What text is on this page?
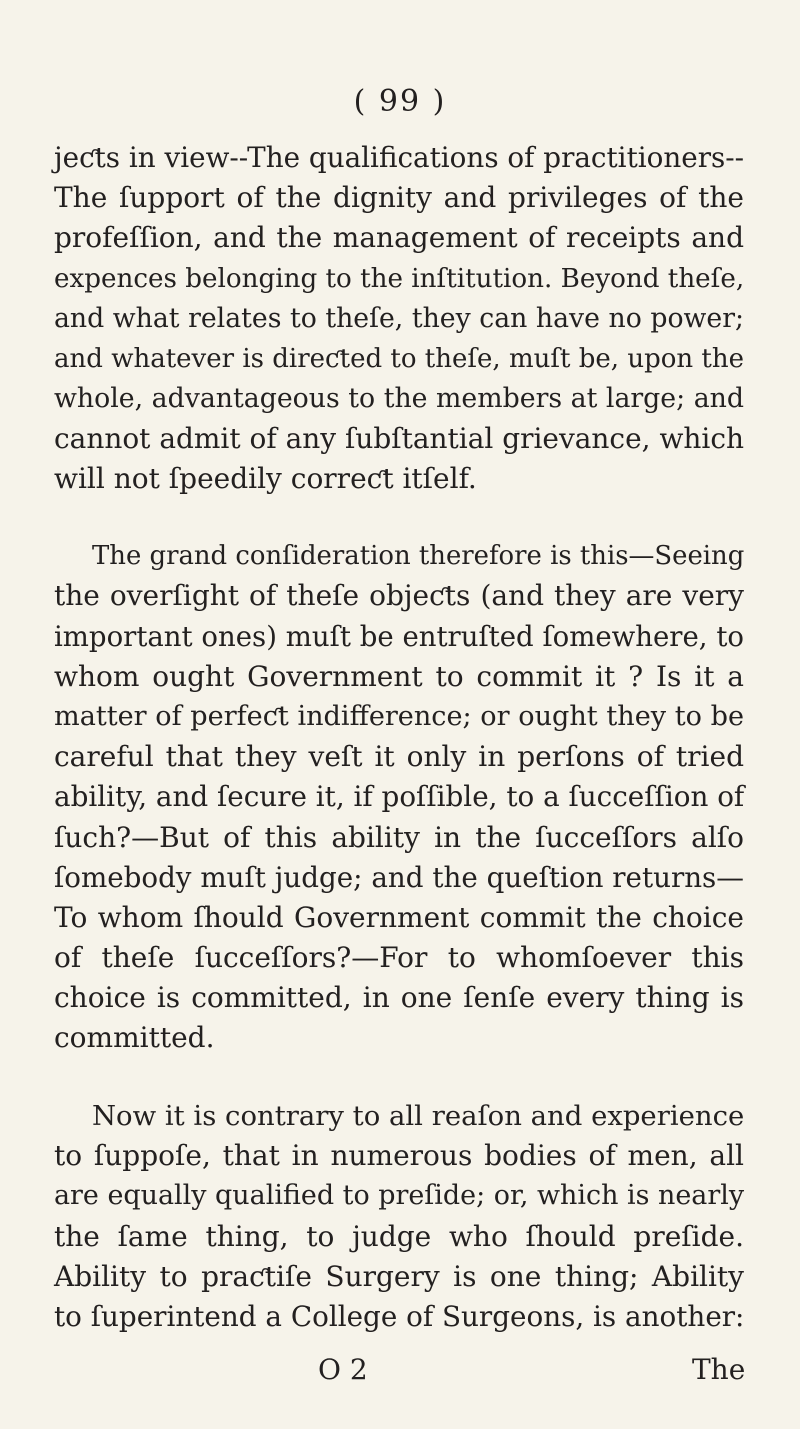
( 99 )
jeƈts in view--The qualifications of practitioners--
The ſupport of the dignity and privileges of the
profeſſion, and the management of receipts and
expences belonging to the inſtitution. Beyond theſe,
and what relates to theſe, they can have no power;
and whatever is direƈted to theſe, muſt be, upon the
whole, advantageous to the members at large; and
cannot admit of any ſubſtantial grievance, which
will not ſpeedily correƈt itſelf.
The grand conſideration therefore is this—Seeing
the overſight of theſe objeƈts (and they are very
important ones) muſt be entruſted ſomewhere, to
whom ought Government to commit it ? Is it a
matter of perfeƈt indifference; or ought they to be
careful that they veſt it only in perſons of tried
ability, and ſecure it, if poſſible, to a ſucceſſion of
ſuch?—But of this ability in the ſucceſſors alſo
ſomebody muſt judge; and the queſtion returns—
To whom ſhould Government commit the choice
of theſe ſucceſſors?—For to whomſoever this
choice is committed, in one ſenſe every thing is
committed.
Now it is contrary to all reaſon and experience
to ſuppoſe, that in numerous bodies of men, all
are equally qualified to preſide; or, which is nearly
the ſame thing, to judge who ſhould preſide.
Ability to praƈtiſe Surgery is one thing; Ability
to ſuperintend a College of Surgeons, is another:
O 2	The
